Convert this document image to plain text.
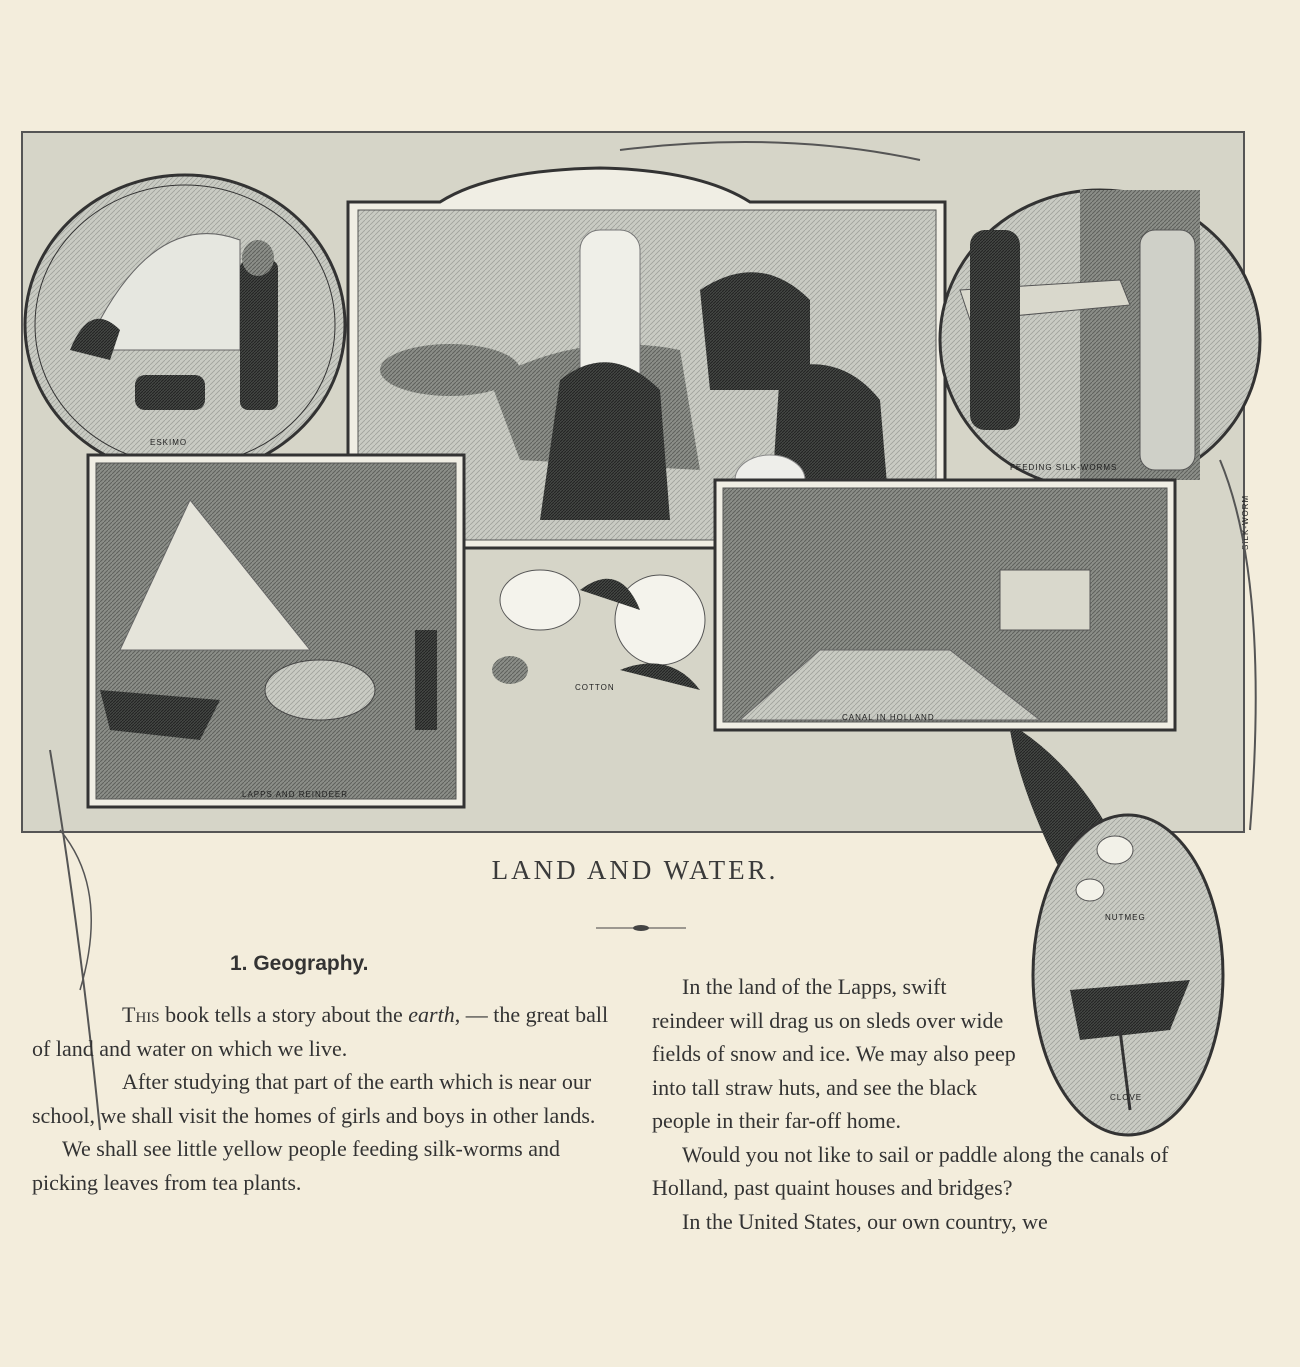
ESKIMO
FEEDING SILK-WORMS
LAPPS AND REINDEER
COTTON
CANAL IN HOLLAND
SILK-WORM
NUTMEG
CLOVE
LAND AND WATER.
1. Geography.

This book tells a story about the earth, — the great ball of land and water on which we live.

After studying that part of the earth which is near our school, we shall visit the homes of girls and boys in other lands.

We shall see little yellow people feeding silk-worms and picking leaves from tea plants.

In the land of the Lapps, swift reindeer will drag us on sleds over wide fields of snow and ice. We may also peep into tall straw huts, and see the black people in their far-off home.

Would you not like to sail or paddle along the canals of Holland, past quaint houses and bridges?

In the United States, our own country, we
